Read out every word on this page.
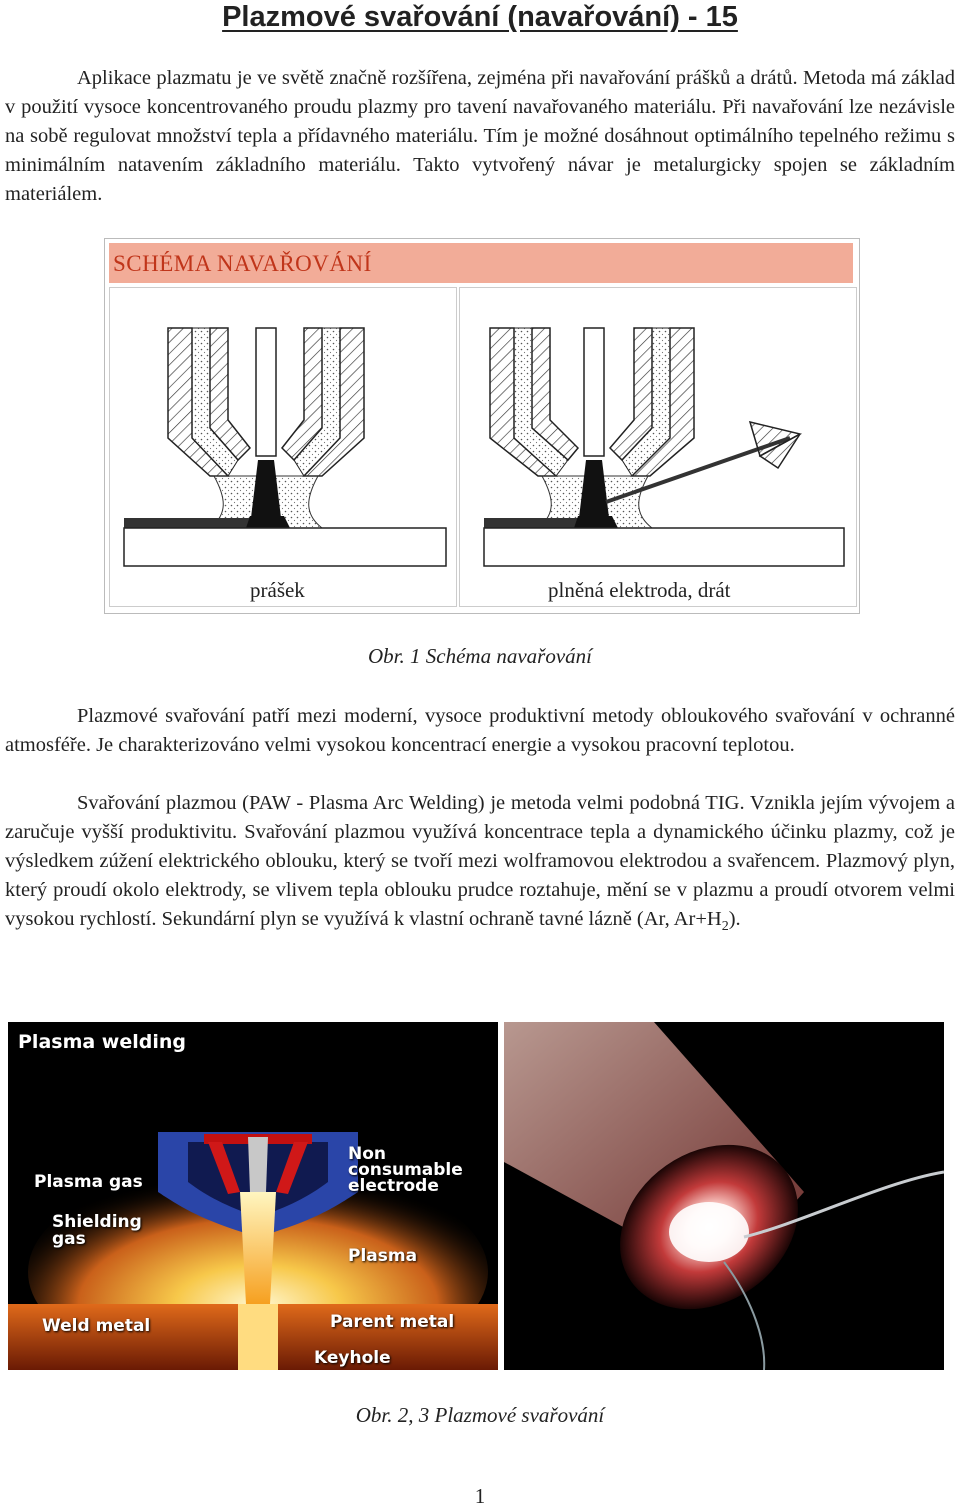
Plazmové svařování (navařování) - 15

Aplikace plazmatu je ve světě značně rozšířena, zejména při navařování prášků a drátů. Metoda má základ v použití vysoce koncentrovaného proudu plazmy pro tavení navařovaného materiálu. Při navařování lze nezávisle na sobě regulovat množství tepla a přídavného materiálu. Tím je možné dosáhnout optimálního tepelného režimu s minimálním natavením základního materiálu. Takto vytvořený návar je metalurgicky spojen se základním materiálem.

SCHÉMA NAVAŘOVÁNÍ
prášek	plněná elektroda, drát
Obr. 1 Schéma navařování

Plazmové svařování patří mezi moderní, vysoce produktivní metody obloukového svařování v ochranné atmosféře. Je charakterizováno velmi vysokou koncentrací energie a vysokou pracovní teplotou.

Svařování plazmou (PAW - Plasma Arc Welding) je metoda velmi podobná TIG. Vznikla jejím vývojem a zaručuje vyšší produktivitu. Svařování plazmou využívá koncentrace tepla a dynamického účinku plazmy, což je výsledkem zúžení elektrického oblouku, který se tvoří mezi wolframovou elektrodou a svařencem. Plazmový plyn, který proudí okolo elektrody, se vlivem tepla oblouku prudce roztahuje, mění se v plazmu a proudí otvorem velmi vysokou rychlostí. Sekundární plyn se využívá k vlastní ochraně tavné lázně (Ar, $Ar+H_2$).

Plasma welding
Plasma gas
Shielding
gas
Non
consumable
electrode
Plasma
Weld metal	Parent metal
Keyhole
Obr. 2, 3 Plazmové svařování
1
